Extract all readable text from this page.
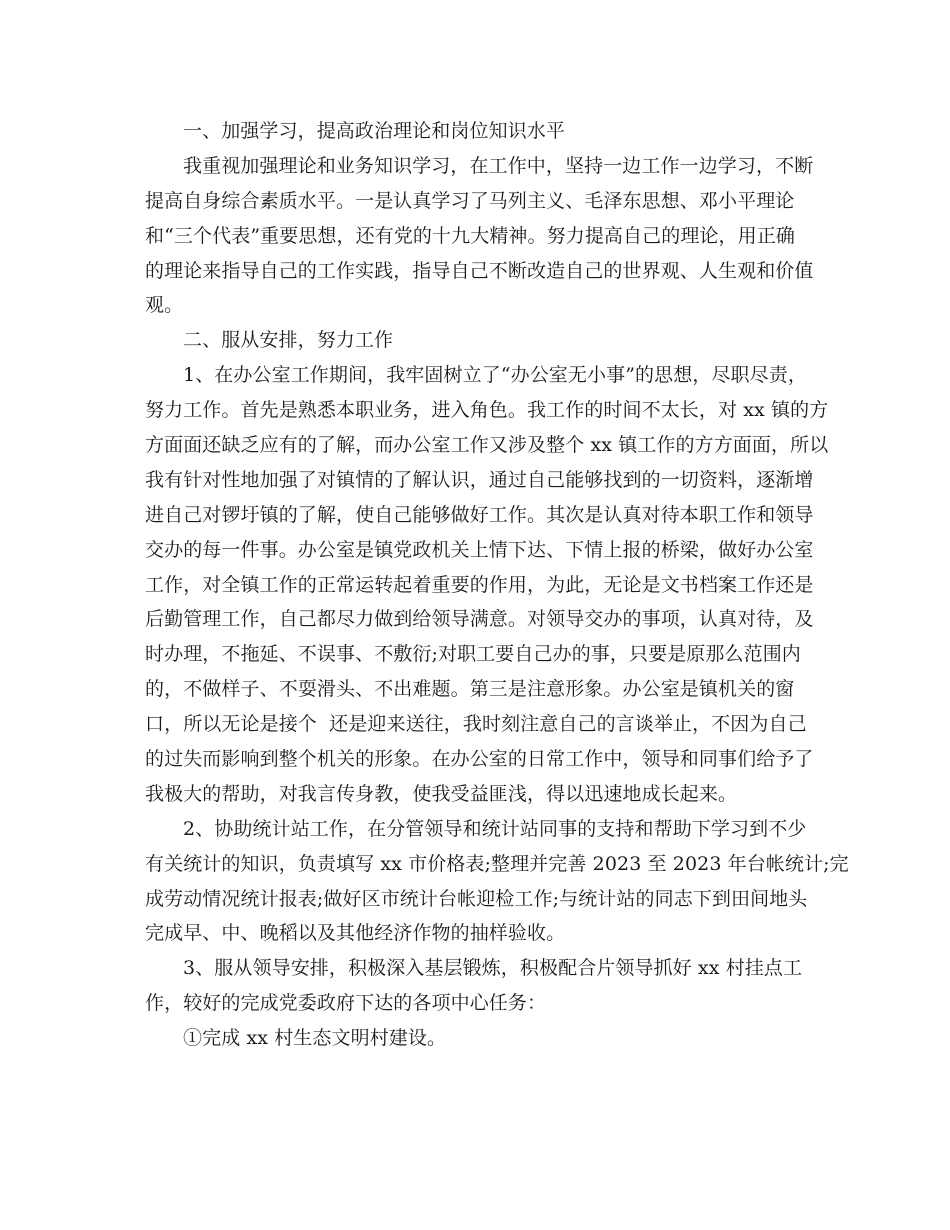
一、加强学习，提高政治理论和岗位知识水平
我重视加强理论和业务知识学习，在工作中，坚持一边工作一边学习，不断
提高自身综合素质水平。一是认真学习了马列主义、毛泽东思想、邓小平理论
和“三个代表”重要思想，还有党的十九大精神。努力提高自己的理论，用正确
的理论来指导自己的工作实践，指导自己不断改造自己的世界观、人生观和价值
观。
二、服从安排，努力工作
1、在办公室工作期间，我牢固树立了“办公室无小事”的思想，尽职尽责，
努力工作。首先是熟悉本职业务，进入角色。我工作的时间不太长，对 xx 镇的方
方面面还缺乏应有的了解，而办公室工作又涉及整个 xx 镇工作的方方面面，所以
我有针对性地加强了对镇情的了解认识，通过自己能够找到的一切资料，逐渐增
进自己对锣圩镇的了解，使自己能够做好工作。其次是认真对待本职工作和领导
交办的每一件事。办公室是镇党政机关上情下达、下情上报的桥梁，做好办公室
工作，对全镇工作的正常运转起着重要的作用，为此，无论是文书档案工作还是
后勤管理工作，自己都尽力做到给领导满意。对领导交办的事项，认真对待，及
时办理，不拖延、不误事、不敷衍;对职工要自己办的事，只要是原那么范围内
的，不做样子、不耍滑头、不出难题。第三是注意形象。办公室是镇机关的窗
口，所以无论是接个  还是迎来送往，我时刻注意自己的言谈举止，不因为自己
的过失而影响到整个机关的形象。在办公室的日常工作中，领导和同事们给予了
我极大的帮助，对我言传身教，使我受益匪浅，得以迅速地成长起来。
2、协助统计站工作，在分管领导和统计站同事的支持和帮助下学习到不少
有关统计的知识，负责填写 xx 市价格表;整理并完善 2023 至 2023 年台帐统计;完
成劳动情况统计报表;做好区市统计台帐迎检工作;与统计站的同志下到田间地头
完成早、中、晚稻以及其他经济作物的抽样验收。
3、服从领导安排，积极深入基层锻炼，积极配合片领导抓好 xx 村挂点工
作，较好的完成党委政府下达的各项中心任务：
①完成 xx 村生态文明村建设。
